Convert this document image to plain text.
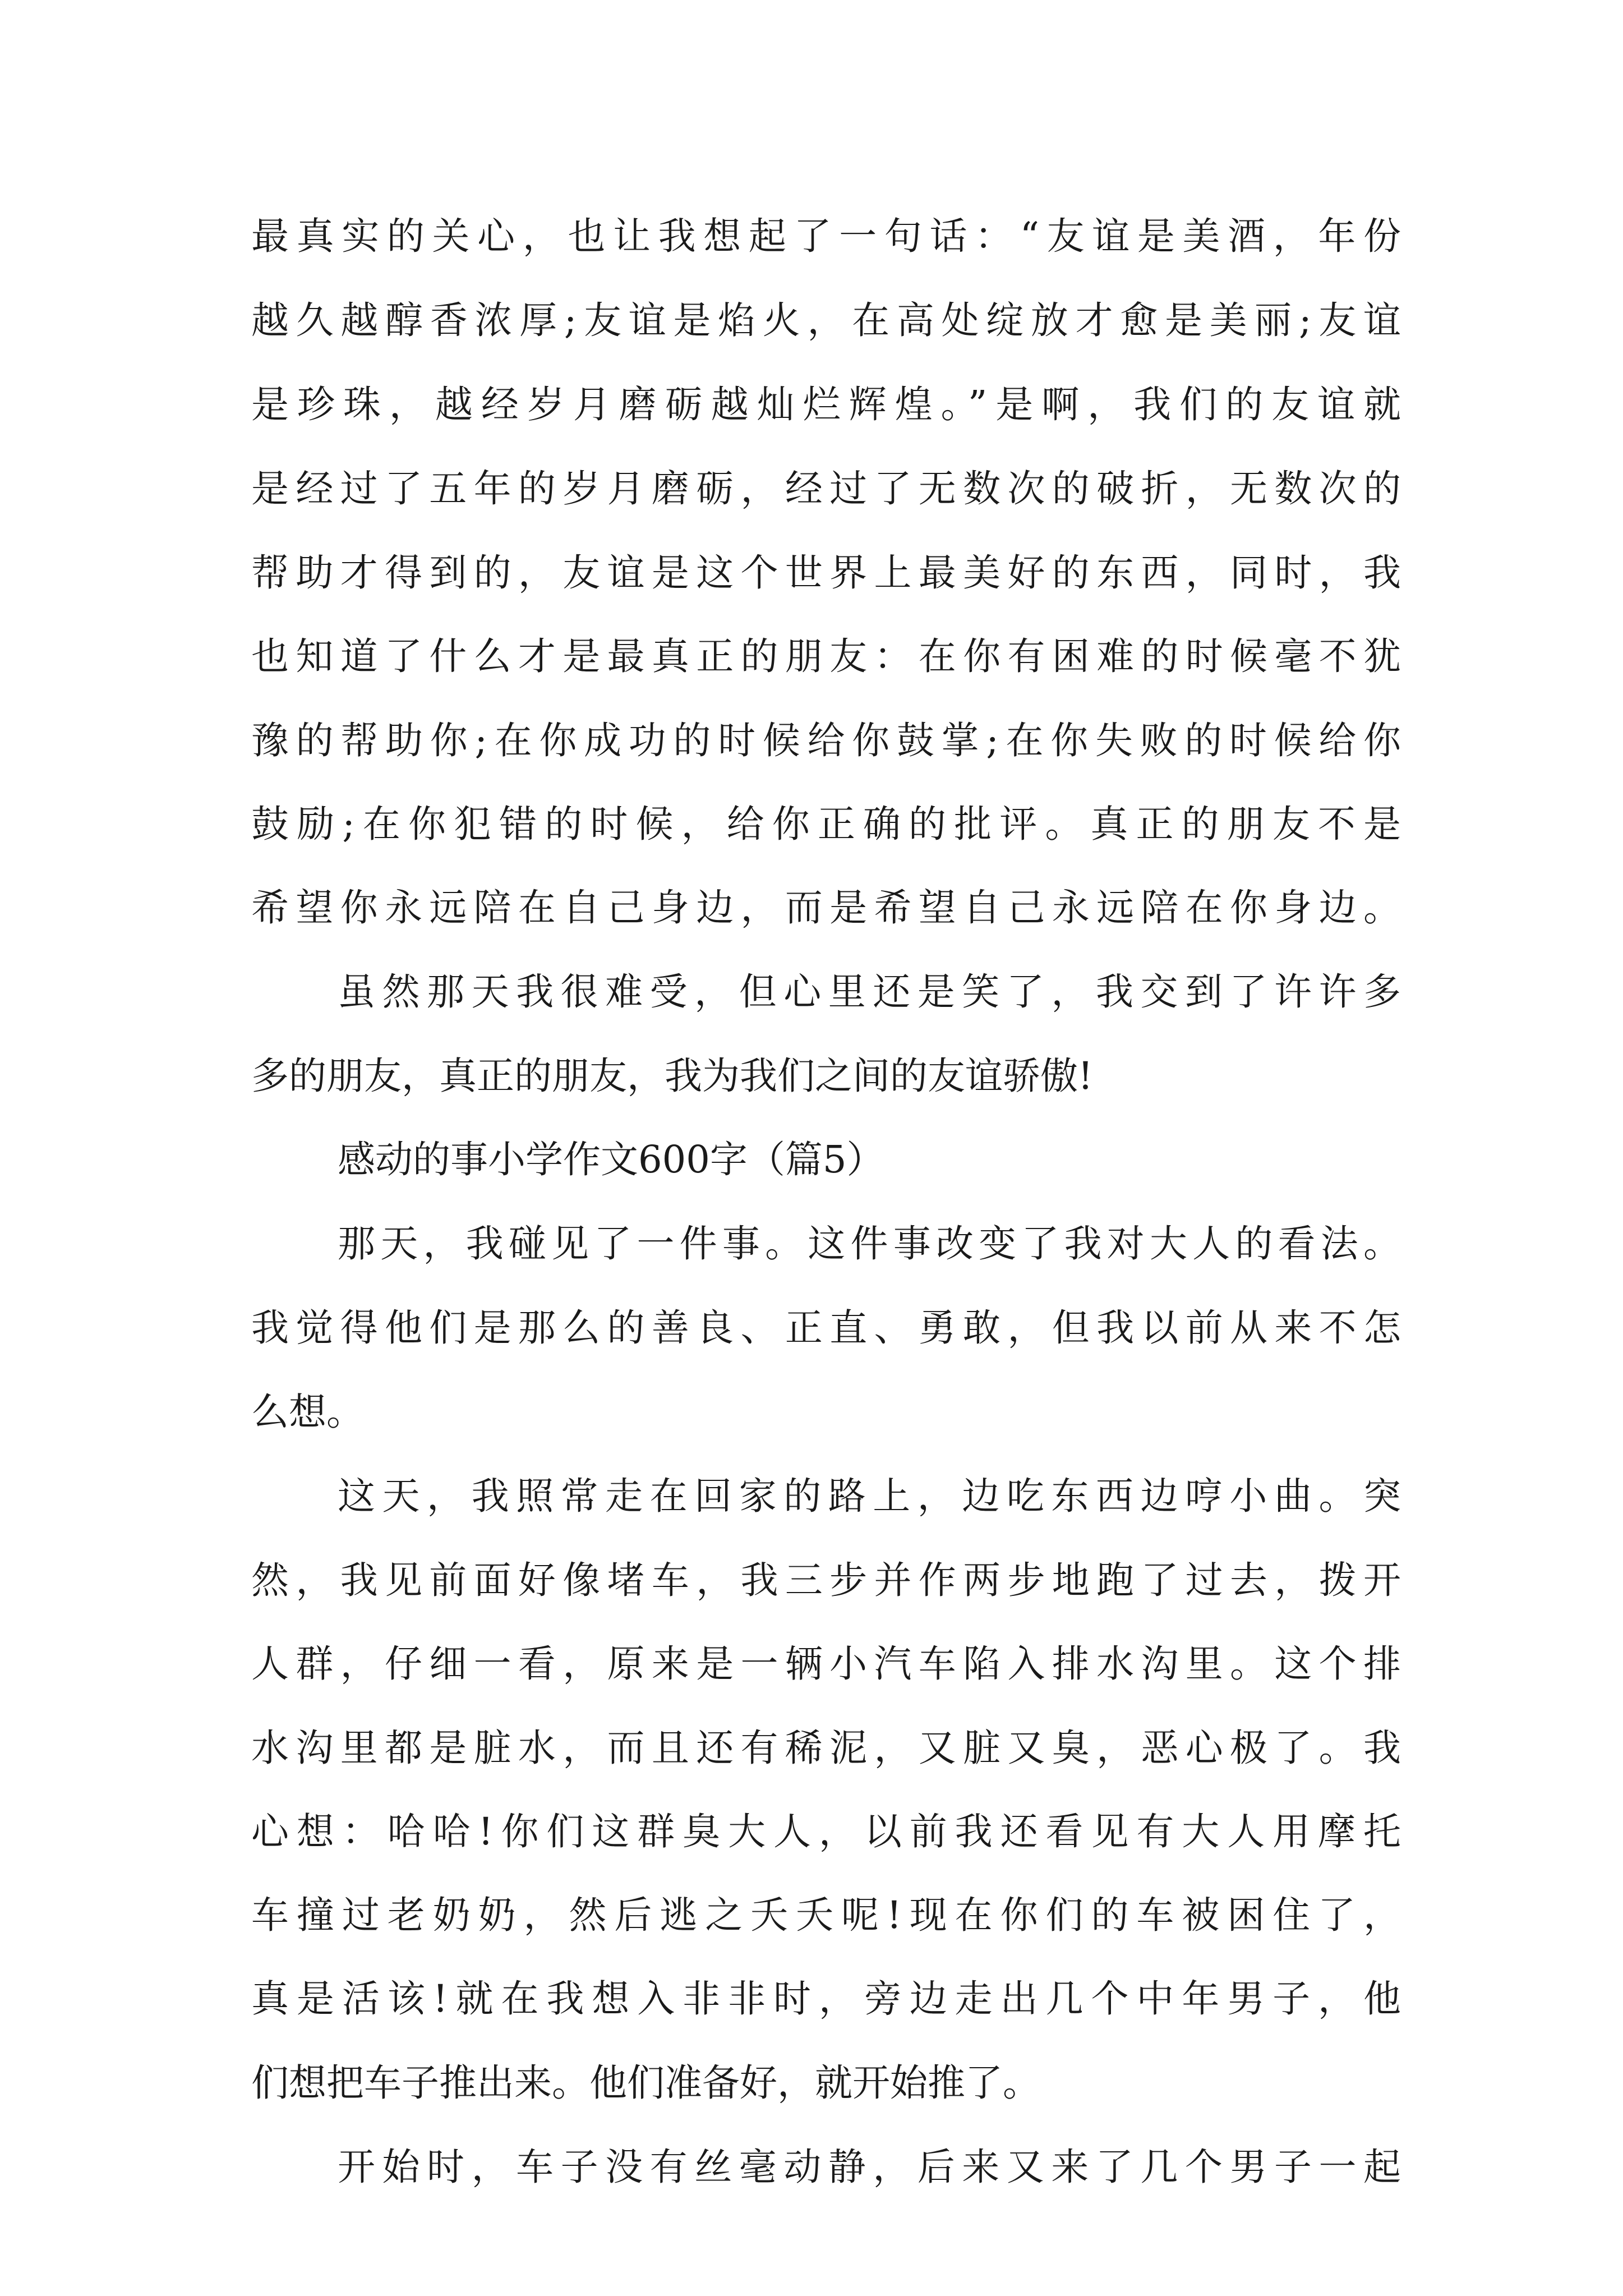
最真实的关心，也让我想起了一句话：“友谊是美酒，年份
越久越醇香浓厚;友谊是焰火，在高处绽放才愈是美丽;友谊
是珍珠，越经岁月磨砺越灿烂辉煌。”是啊，我们的友谊就
是经过了五年的岁月磨砺，经过了无数次的破折，无数次的
帮助才得到的，友谊是这个世界上最美好的东西，同时，我
也知道了什么才是最真正的朋友：在你有困难的时候毫不犹
豫的帮助你;在你成功的时候给你鼓掌;在你失败的时候给你
鼓励;在你犯错的时候，给你正确的批评。真正的朋友不是
希望你永远陪在自己身边，而是希望自己永远陪在你身边。
虽然那天我很难受，但心里还是笑了，我交到了许许多
多的朋友，真正的朋友，我为我们之间的友谊骄傲!
感动的事小学作文600字（篇5）
那天，我碰见了一件事。这件事改变了我对大人的看法。
我觉得他们是那么的善良、正直、勇敢，但我以前从来不怎
么想。
这天，我照常走在回家的路上，边吃东西边哼小曲。突
然，我见前面好像堵车，我三步并作两步地跑了过去，拨开
人群，仔细一看，原来是一辆小汽车陷入排水沟里。这个排
水沟里都是脏水，而且还有稀泥，又脏又臭，恶心极了。我
心想：哈哈!你们这群臭大人，以前我还看见有大人用摩托
车撞过老奶奶，然后逃之夭夭呢!现在你们的车被困住了，
真是活该!就在我想入非非时，旁边走出几个中年男子，他
们想把车子推出来。他们准备好，就开始推了。
开始时，车子没有丝毫动静，后来又来了几个男子一起
